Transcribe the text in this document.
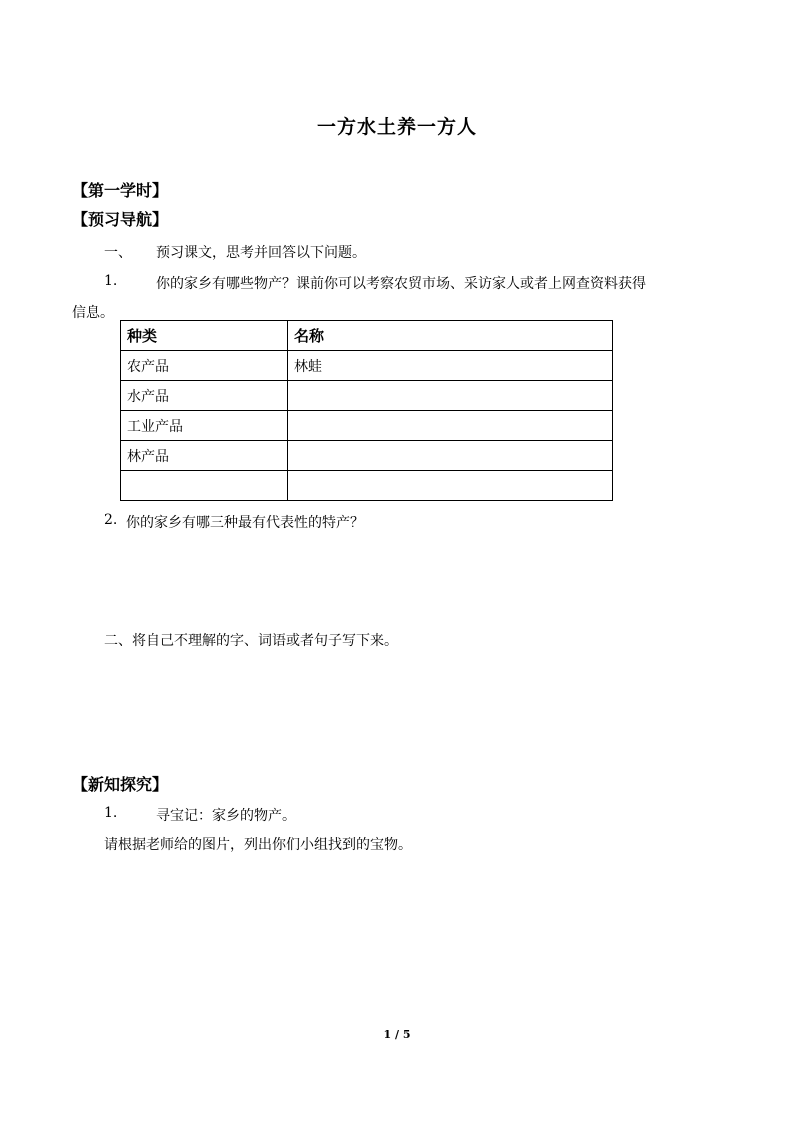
一方水土养一方人
【第一学时】
【预习导航】
一、 预习课文，思考并回答以下问题。
1.	你的家乡有哪些物产？课前你可以考察农贸市场、采访家人或者上网查资料获得
信息。
种类	名称
农产品	林蛙
水产品	
工业产品	
林产品	

2. 你的家乡有哪三种最有代表性的特产？
二、将自己不理解的字、词语或者句子写下来。
【新知探究】
1.	寻宝记：家乡的物产。
请根据老师给的图片，列出你们小组找到的宝物。
1 / 5
